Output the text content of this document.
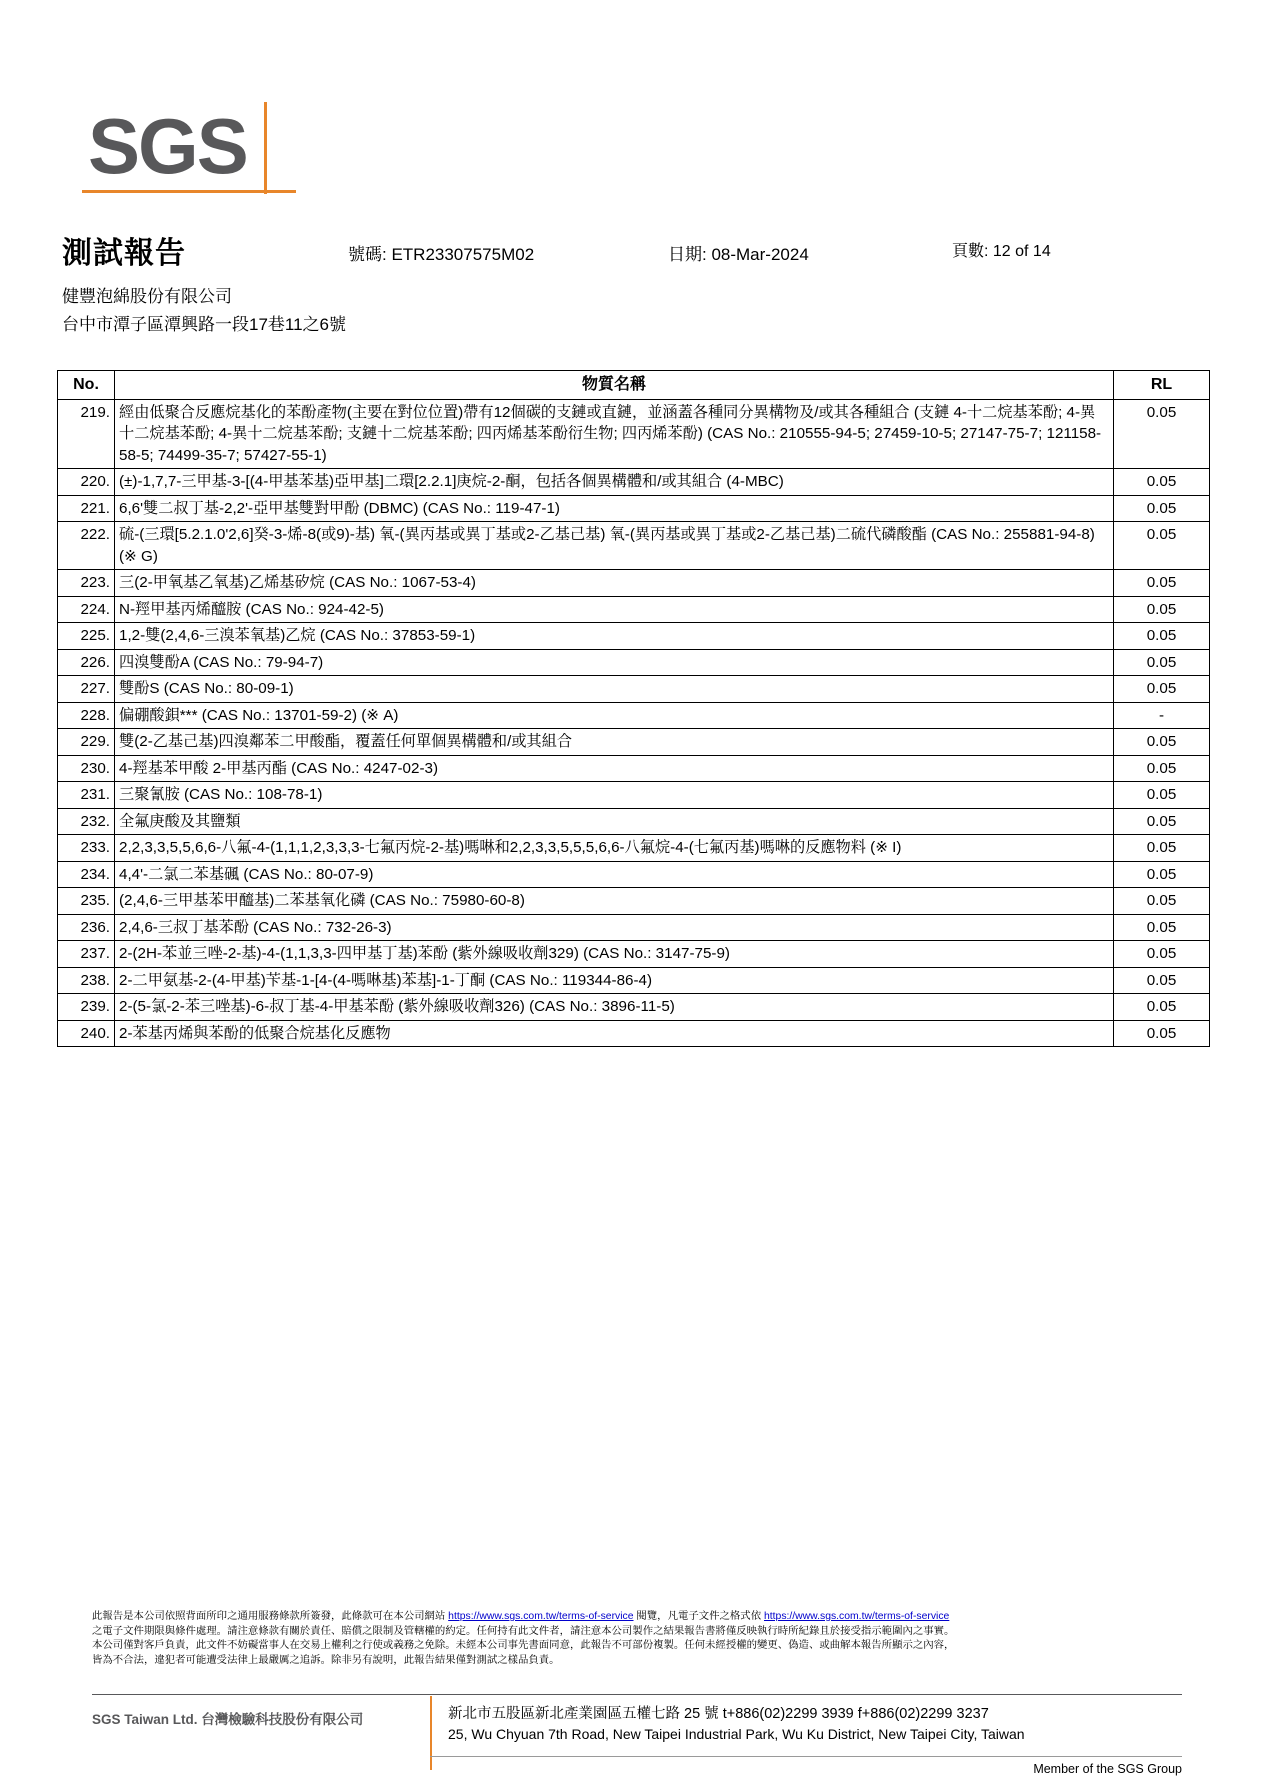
SGS
測試報告	號碼: ETR23307575M02	日期: 08-Mar-2024	頁數: 12 of 14
健豐泡綿股份有限公司
台中市潭子區潭興路一段17巷11之6號
No.	物質名稱	RL
219.	經由低聚合反應烷基化的苯酚產物(主要在對位位置)帶有12個碳的支鏈或直鏈，並涵蓋各種同分異構物及/或其各種組合 (支鏈 4-十二烷基苯酚; 4-異十二烷基苯酚; 4-異十二烷基苯酚; 支鏈十二烷基苯酚; 四丙烯基苯酚衍生物; 四丙烯苯酚) (CAS No.: 210555-94-5; 27459-10-5; 27147-75-7; 121158-58-5; 74499-35-7; 57427-55-1)	0.05
220.	(±)-1,7,7-三甲基-3-[(4-甲基苯基)亞甲基]二環[2.2.1]庚烷-2-酮，包括各個異構體和/或其組合 (4-MBC)	0.05
221.	6,6'雙二叔丁基-2,2'-亞甲基雙對甲酚 (DBMC) (CAS No.: 119-47-1)	0.05
222.	硫-(三環[5.2.1.0'2,6]癸-3-烯-8(或9)-基) 氧-(異丙基或異丁基或2-乙基己基) 氧-(異丙基或異丁基或2-乙基己基)二硫代磷酸酯 (CAS No.: 255881-94-8) (※ G)	0.05
223.	三(2-甲氧基乙氧基)乙烯基矽烷 (CAS No.: 1067-53-4)	0.05
224.	N-羥甲基丙烯醯胺 (CAS No.: 924-42-5)	0.05
225.	1,2-雙(2,4,6-三溴苯氧基)乙烷 (CAS No.: 37853-59-1)	0.05
226.	四溴雙酚A (CAS No.: 79-94-7)	0.05
227.	雙酚S (CAS No.: 80-09-1)	0.05
228.	偏硼酸鋇*** (CAS No.: 13701-59-2) (※ A)	-
229.	雙(2-乙基己基)四溴鄰苯二甲酸酯，覆蓋任何單個異構體和/或其組合	0.05
230.	4-羥基苯甲酸 2-甲基丙酯 (CAS No.: 4247-02-3)	0.05
231.	三聚氰胺 (CAS No.: 108-78-1)	0.05
232.	全氟庚酸及其鹽類	0.05
233.	2,2,3,3,5,5,6,6-八氟-4-(1,1,1,2,3,3,3-七氟丙烷-2-基)嗎啉和2,2,3,3,5,5,5,6,6-八氟烷-4-(七氟丙基)嗎啉的反應物料 (※ I)	0.05
234.	4,4'-二氯二苯基碸 (CAS No.: 80-07-9)	0.05
235.	(2,4,6-三甲基苯甲醯基)二苯基氧化磷 (CAS No.: 75980-60-8)	0.05
236.	2,4,6-三叔丁基苯酚 (CAS No.: 732-26-3)	0.05
237.	2-(2H-苯並三唑-2-基)-4-(1,1,3,3-四甲基丁基)苯酚 (紫外線吸收劑329) (CAS No.: 3147-75-9)	0.05
238.	2-二甲氨基-2-(4-甲基)苄基-1-[4-(4-嗎啉基)苯基]-1-丁酮 (CAS No.: 119344-86-4)	0.05
239.	2-(5-氯-2-苯三唑基)-6-叔丁基-4-甲基苯酚 (紫外線吸收劑326) (CAS No.: 3896-11-5)	0.05
240.	2-苯基丙烯與苯酚的低聚合烷基化反應物	0.05
此報告是本公司依照背面所印之通用服務條款所簽發，此條款可在本公司網站 https://www.sgs.com.tw/terms-of-service 閱覽，凡電子文件之格式依 https://www.sgs.com.tw/terms-of-service
之電子文件期限與條件處理。請注意條款有關於責任、賠償之限制及管轄權的約定。任何持有此文件者，請注意本公司製作之結果報告書將僅反映執行時所紀錄且於接受指示範圍內之事實。
本公司僅對客戶負責，此文件不妨礙當事人在交易上權利之行使或義務之免除。未經本公司事先書面同意，此報告不可部份複製。任何未經授權的變更、偽造、或曲解本報告所顯示之內容，
皆為不合法，違犯者可能遭受法律上最嚴厲之追訴。除非另有說明，此報告結果僅對測試之樣品負責。
SGS Taiwan Ltd. 台灣檢驗科技股份有限公司	新北市五股區新北產業園區五權七路 25 號 t+886(02)2299 3939 f+886(02)2299 3237
25, Wu Chyuan 7th Road, New Taipei Industrial Park, Wu Ku District, New Taipei City, Taiwan
Member of the SGS Group
